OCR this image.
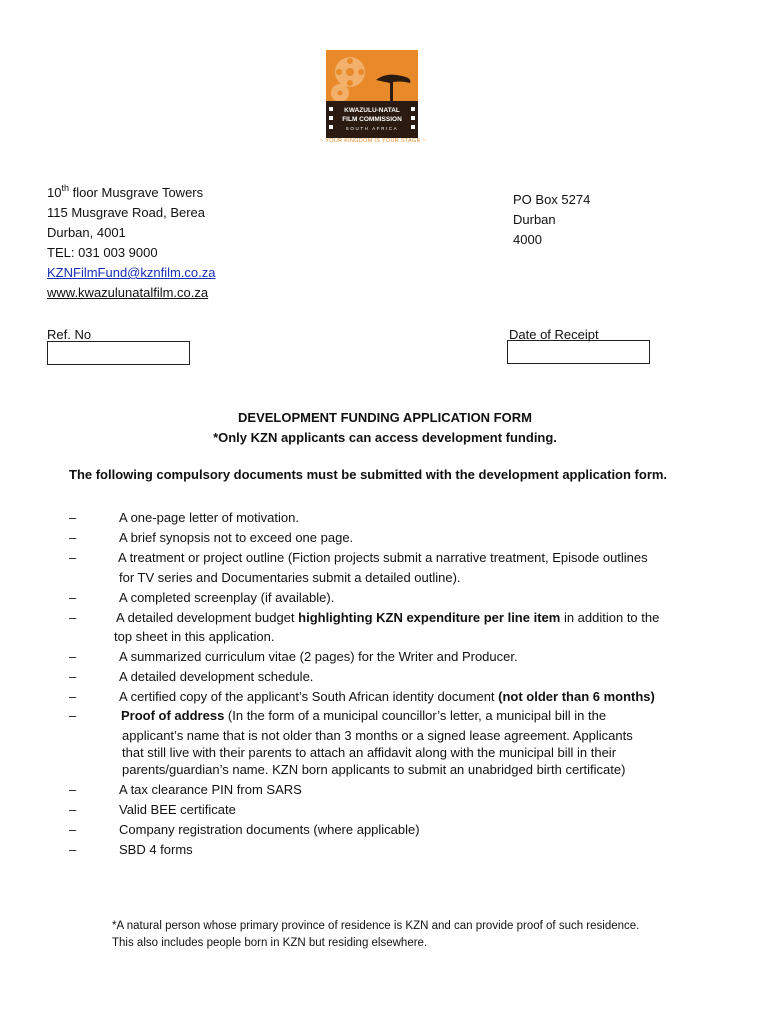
KWAZULU-NATAL
FILM COMMISSION
SOUTH AFRICA
~ YOUR KINGDOM IS YOUR STAGE ~
10th floor Musgrave Towers
115 Musgrave Road, Berea
Durban, 4001
TEL: 031 003 9000
KZNFilmFund@kznfilm.co.za
www.kwazulunatalfilm.co.za
PO Box 5274
Durban
4000
Ref. No	Date of Receipt
DEVELOPMENT FUNDING APPLICATION FORM
*Only KZN applicants can access development funding.
The following compulsory documents must be submitted with the development application form.
–	A one-page letter of motivation.
–	A brief synopsis not to exceed one page.
–	A treatment or project outline (Fiction projects submit a narrative treatment, Episode outlines
for TV series and Documentaries submit a detailed outline).
–	A completed screenplay (if available).
–	A detailed development budget highlighting KZN expenditure per line item in addition to the
top sheet in this application.
–	A summarized curriculum vitae (2 pages) for the Writer and Producer.
–	A detailed development schedule.
–	A certified copy of the applicant’s South African identity document (not older than 6 months)
–	Proof of address (In the form of a municipal councillor’s letter, a municipal bill in the
applicant’s name that is not older than 3 months or a signed lease agreement. Applicants
that still live with their parents to attach an affidavit along with the municipal bill in their
parents/guardian’s name. KZN born applicants to submit an unabridged birth certificate)
–	A tax clearance PIN from SARS
–	Valid BEE certificate
–	Company registration documents (where applicable)
–	SBD 4 forms
*A natural person whose primary province of residence is KZN and can provide proof of such residence.
This also includes people born in KZN but residing elsewhere.
